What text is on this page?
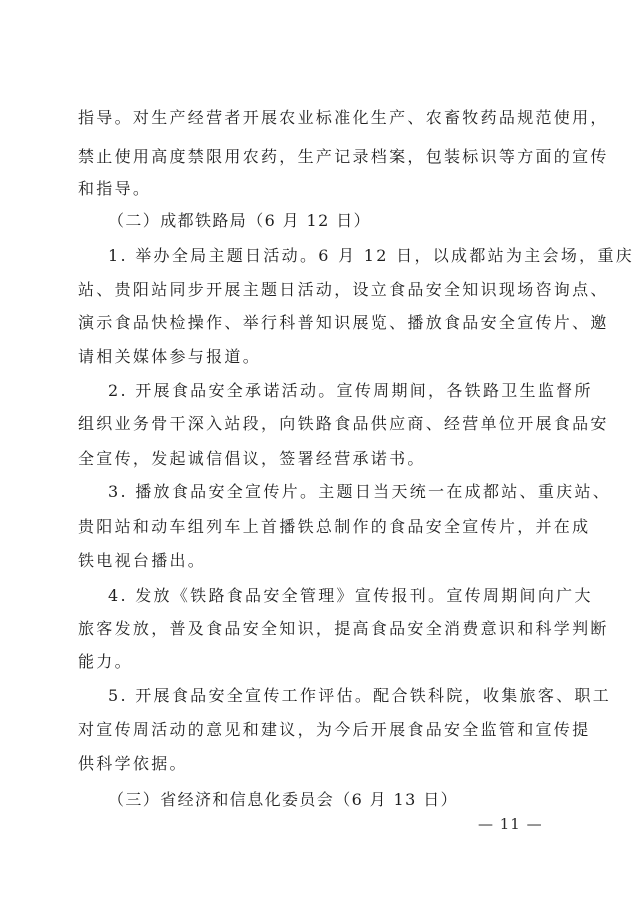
指导。对生产经营者开展农业标准化生产、农畜牧药品规范使用，
禁止使用高度禁限用农药，生产记录档案，包装标识等方面的宣传
和指导。
（二）成都铁路局（6 月 12 日）
1. 举办全局主题日活动。6 月 12 日，以成都站为主会场，重庆
站、贵阳站同步开展主题日活动，设立食品安全知识现场咨询点、
演示食品快检操作、举行科普知识展览、播放食品安全宣传片、邀
请相关媒体参与报道。
2. 开展食品安全承诺活动。宣传周期间，各铁路卫生监督所
组织业务骨干深入站段，向铁路食品供应商、经营单位开展食品安
全宣传，发起诚信倡议，签署经营承诺书。
3. 播放食品安全宣传片。主题日当天统一在成都站、重庆站、
贵阳站和动车组列车上首播铁总制作的食品安全宣传片，并在成
铁电视台播出。
4. 发放《铁路食品安全管理》宣传报刊。宣传周期间向广大
旅客发放，普及食品安全知识，提高食品安全消费意识和科学判断
能力。
5. 开展食品安全宣传工作评估。配合铁科院，收集旅客、职工
对宣传周活动的意见和建议，为今后开展食品安全监管和宣传提
供科学依据。
（三）省经济和信息化委员会（6 月 13 日）
— 11 —
